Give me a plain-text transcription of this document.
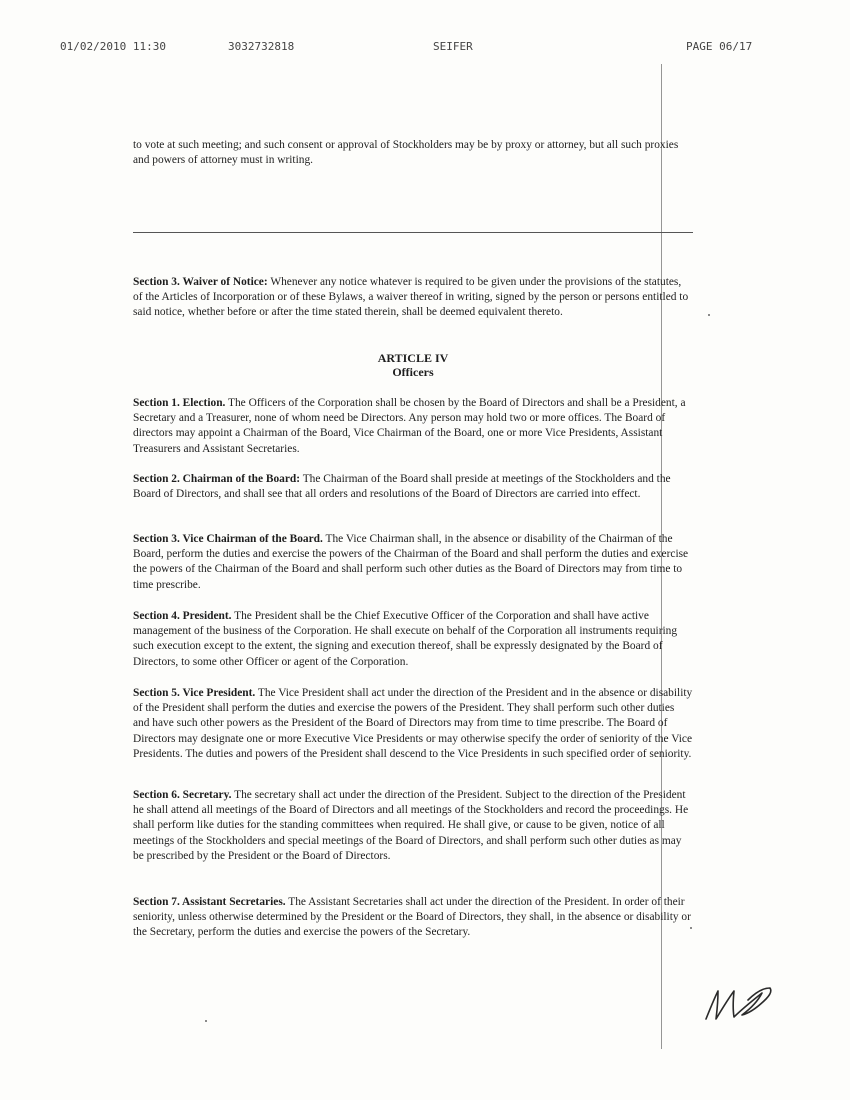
01/02/2010 11:30	3032732818	SEIFER	PAGE 06/17

to vote at such meeting; and such consent or approval of Stockholders may be by proxy or attorney, but all such proxies and powers of attorney must in writing.

Section 3. Waiver of Notice: Whenever any notice whatever is required to be given under the provisions of the statutes, of the Articles of Incorporation or of these Bylaws, a waiver thereof in writing, signed by the person or persons entitled to said notice, whether before or after the time stated therein, shall be deemed equivalent thereto.

ARTICLE IV

Officers

Section 1. Election. The Officers of the Corporation shall be chosen by the Board of Directors and shall be a President, a Secretary and a Treasurer, none of whom need be Directors. Any person may hold two or more offices. The Board of directors may appoint a Chairman of the Board, Vice Chairman of the Board, one or more Vice Presidents, Assistant Treasurers and Assistant Secretaries.

Section 2. Chairman of the Board: The Chairman of the Board shall preside at meetings of the Stockholders and the Board of Directors, and shall see that all orders and resolutions of the Board of Directors are carried into effect.

Section 3. Vice Chairman of the Board. The Vice Chairman shall, in the absence or disability of the Chairman of the Board, perform the duties and exercise the powers of the Chairman of the Board and shall perform the duties and exercise the powers of the Chairman of the Board and shall perform such other duties as the Board of Directors may from time to time prescribe.

Section 4. President. The President shall be the Chief Executive Officer of the Corporation and shall have active management of the business of the Corporation. He shall execute on behalf of the Corporation all instruments requiring such execution except to the extent, the signing and execution thereof, shall be expressly designated by the Board of Directors, to some other Officer or agent of the Corporation.

Section 5. Vice President. The Vice President shall act under the direction of the President and in the absence or disability of the President shall perform the duties and exercise the powers of the President. They shall perform such other duties and have such other powers as the President of the Board of Directors may from time to time prescribe. The Board of Directors may designate one or more Executive Vice Presidents or may otherwise specify the order of seniority of the Vice Presidents. The duties and powers of the President shall descend to the Vice Presidents in such specified order of seniority.

Section 6. Secretary. The secretary shall act under the direction of the President. Subject to the direction of the President he shall attend all meetings of the Board of Directors and all meetings of the Stockholders and record the proceedings. He shall perform like duties for the standing committees when required. He shall give, or cause to be given, notice of all meetings of the Stockholders and special meetings of the Board of Directors, and shall perform such other duties as may be prescribed by the President or the Board of Directors.

Section 7. Assistant Secretaries. The Assistant Secretaries shall act under the direction of the President. In order of their seniority, unless otherwise determined by the President or the Board of Directors, they shall, in the absence or disability or the Secretary, perform the duties and exercise the powers of the Secretary.
